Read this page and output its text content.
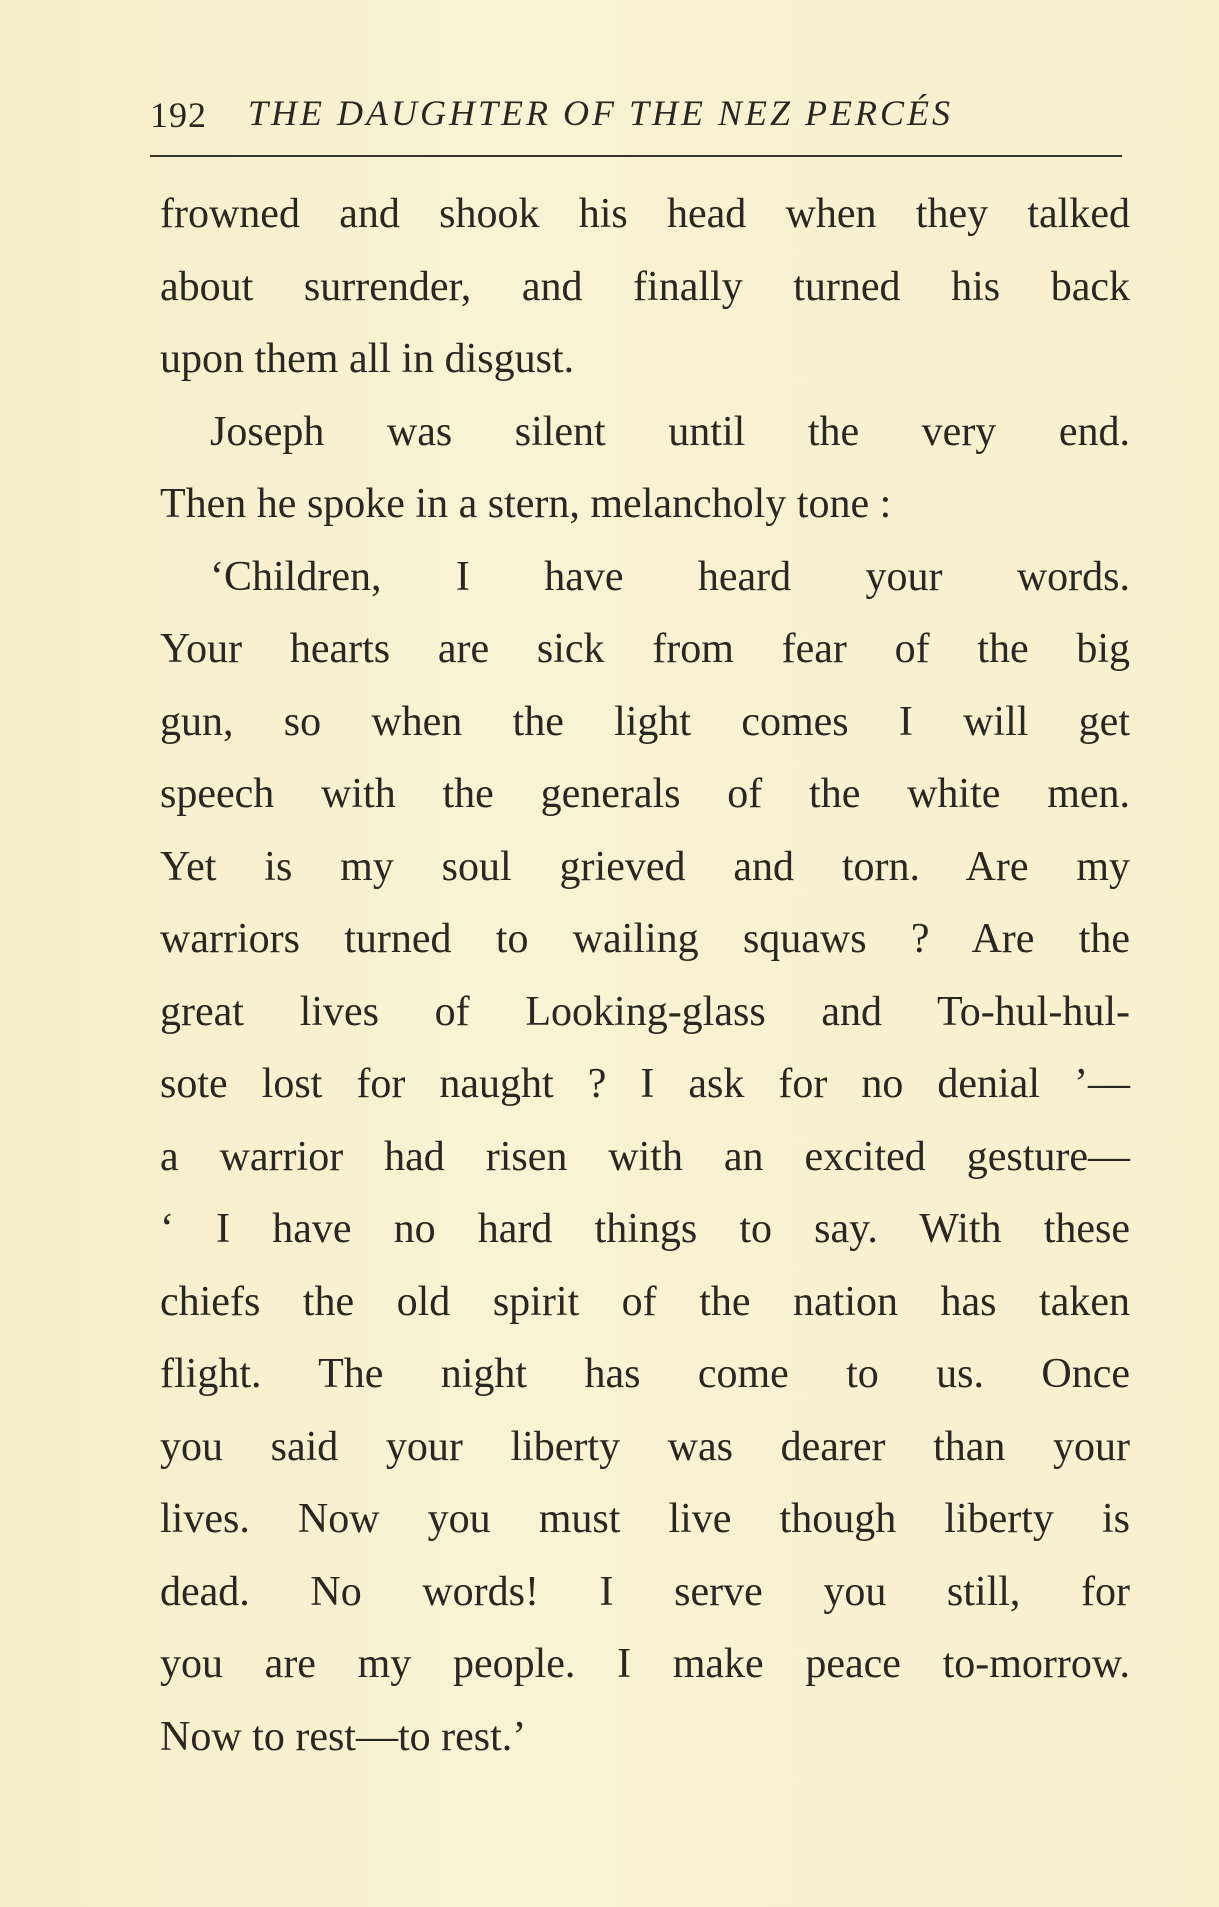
192 THE DAUGHTER OF THE NEZ PERCÉS
frowned and shook his head when they talked
about surrender, and finally turned his back
upon them all in disgust.
Joseph was silent until the very end.
Then he spoke in a stern, melancholy tone :
‘Children, I have heard your words.
Your hearts are sick from fear of the big
gun, so when the light comes I will get
speech with the generals of the white men.
Yet is my soul grieved and torn. Are my
warriors turned to wailing squaws ? Are the
great lives of Looking-glass and To-hul-hul-
sote lost for naught ? I ask for no denial ’—
a warrior had risen with an excited gesture—
‘ I have no hard things to say. With these
chiefs the old spirit of the nation has taken
flight. The night has come to us. Once
you said your liberty was dearer than your
lives. Now you must live though liberty is
dead. No words! I serve you still, for
you are my people. I make peace to-morrow.
Now to rest—to rest.’
